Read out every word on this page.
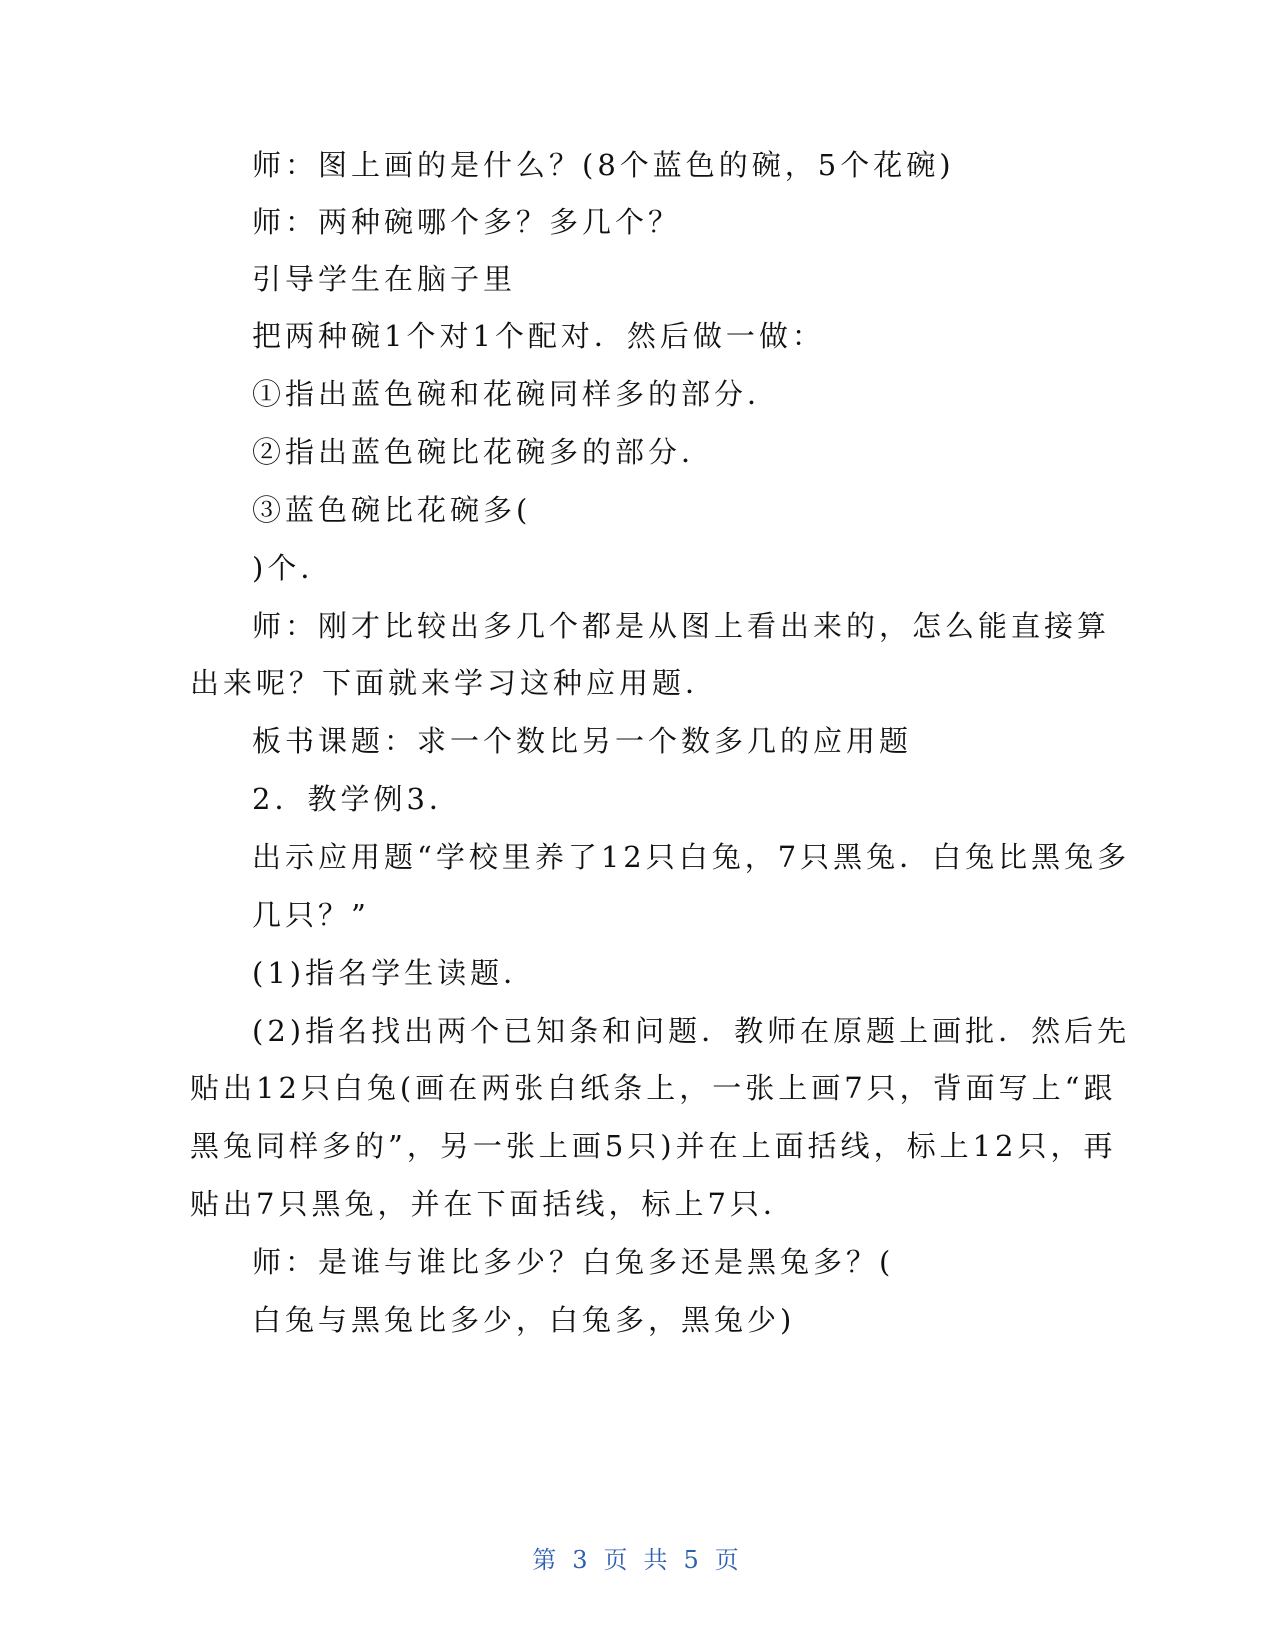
师：图上画的是什么？(8个蓝色的碗，5个花碗)
师：两种碗哪个多？多几个？
引导学生在脑子里
把两种碗1个对1个配对．然后做一做：
①指出蓝色碗和花碗同样多的部分．
②指出蓝色碗比花碗多的部分．
③蓝色碗比花碗多(
)个．
师：刚才比较出多几个都是从图上看出来的，怎么能直接算
出来呢？下面就来学习这种应用题．
板书课题：求一个数比另一个数多几的应用题
2．教学例3．
出示应用题“学校里养了12只白兔，7只黑兔．白兔比黑兔多
几只？”
(1)指名学生读题．
(2)指名找出两个已知条和问题．教师在原题上画批．然后先
贴出12只白兔(画在两张白纸条上，一张上画7只，背面写上“跟
黑兔同样多的”，另一张上画5只)并在上面括线，标上12只，再
贴出7只黑兔，并在下面括线，标上7只．
师：是谁与谁比多少？白兔多还是黑兔多？(
白兔与黑兔比多少，白兔多，黑兔少)
第 3 页 共 5 页
